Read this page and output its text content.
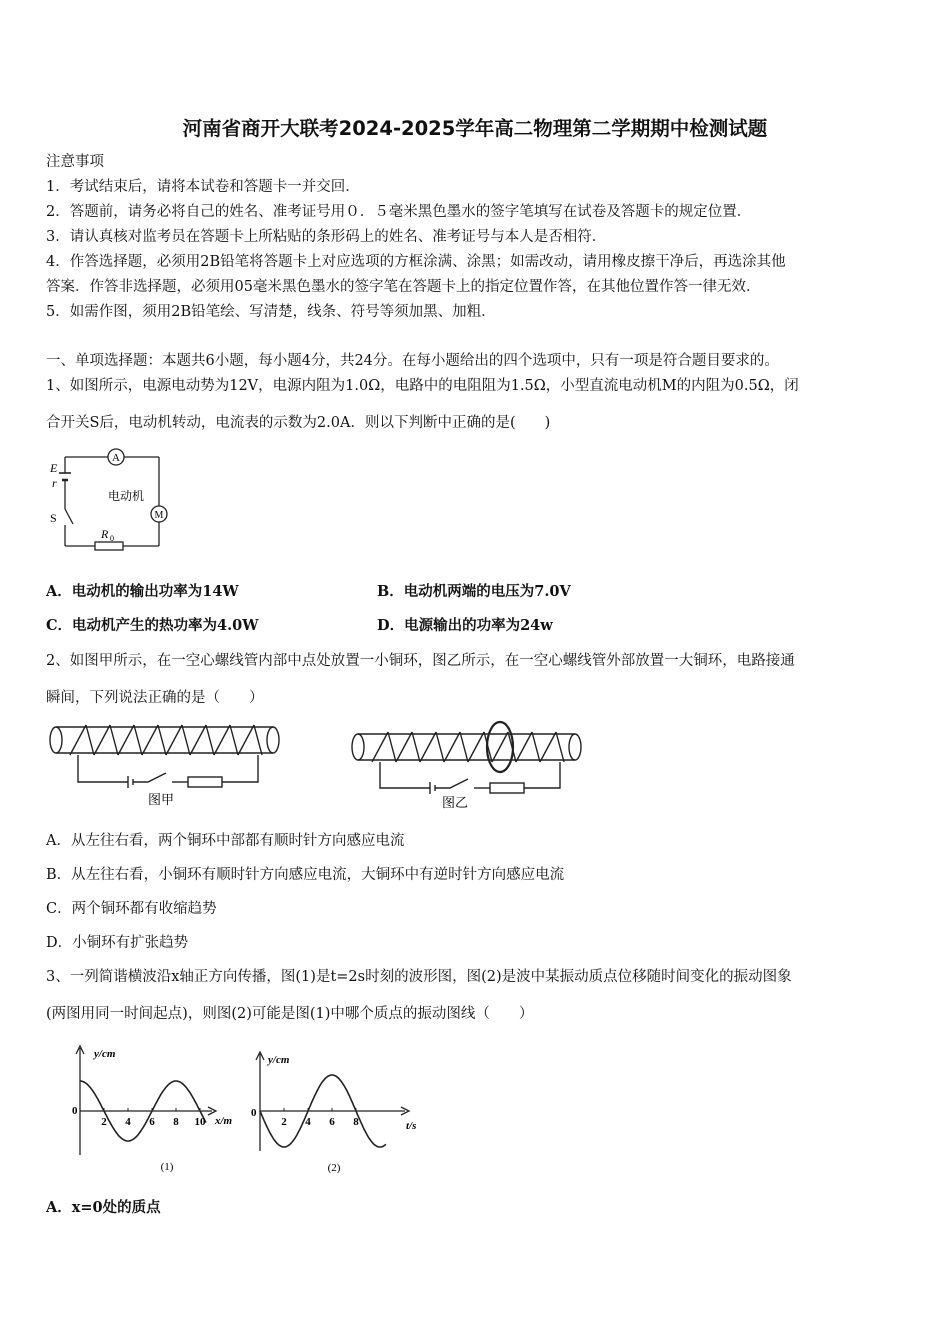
河南省商开大联考2024-2025学年高二物理第二学期期中检测试题
注意事项
1．考试结束后，请将本试卷和答题卡一并交回．
2．答题前，请务必将自己的姓名、准考证号用０．５毫米黑色墨水的签字笔填写在试卷及答题卡的规定位置．
3．请认真核对监考员在答题卡上所粘贴的条形码上的姓名、准考证号与本人是否相符．
4．作答选择题，必须用2B铅笔将答题卡上对应选项的方框涂满、涂黑；如需改动，请用橡皮擦干净后，再选涂其他
答案．作答非选择题，必须用05毫米黑色墨水的签字笔在答题卡上的指定位置作答，在其他位置作答一律无效．
5．如需作图，须用2B铅笔绘、写清楚，线条、符号等须加黑、加粗．
一、单项选择题：本题共6小题，每小题4分，共24分。在每小题给出的四个选项中，只有一项是符合题目要求的。
1、如图所示，电源电动势为12V，电源内阻为1.0Ω，电路中的电阻阻为1.5Ω，小型直流电动机M的内阻为0.5Ω，闭
合开关S后，电动机转动，电流表的示数为2.0A．则以下判断中正确的是(　　)
A
M
E
r
S
电动机
R 0
A．电动机的输出功率为14W	B．电动机两端的电压为7.0V
C．电动机产生的热功率为4.0W	D．电源输出的功率为24w
2、如图甲所示，在一空心螺线管内部中点处放置一小铜环，图乙所示，在一空心螺线管外部放置一大铜环，电路接通
瞬间，下列说法正确的是（　　）
图甲	图乙
A．从左往右看，两个铜环中部都有顺时针方向感应电流
B．从左往右看，小铜环有顺时针方向感应电流，大铜环中有逆时针方向感应电流
C．两个铜环都有收缩趋势
D．小铜环有扩张趋势
3、一列简谐横波沿x轴正方向传播，图(1)是t=2s时刻的波形图，图(2)是波中某振动质点位移随时间变化的振动图象
(两图用同一时间起点)，则图(2)可能是图(1)中哪个质点的振动图线（　　）
2 4 6 8 10
y/cm
x/m
0
(1)
2 4 6 8
y/cm
t/s
0
(2)
A．x=0处的质点
